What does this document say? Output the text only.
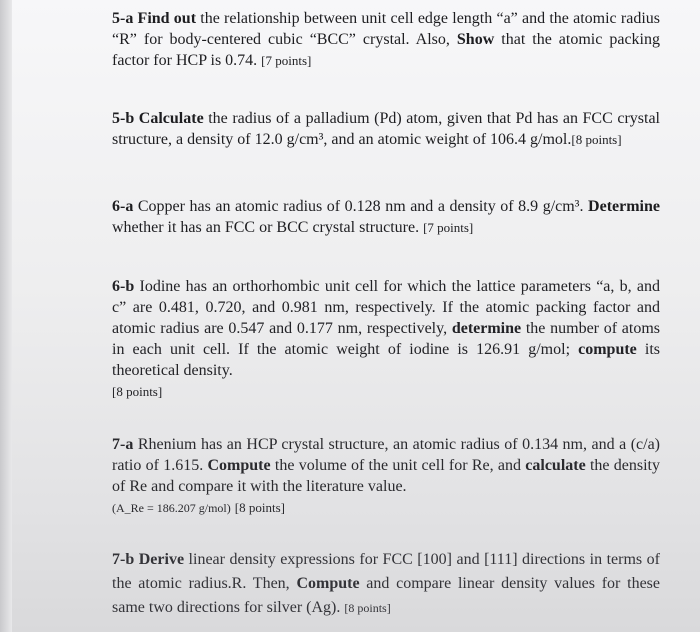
5-a Find out the relationship between unit cell edge length “a” and the atomic radius “R” for body-centered cubic “BCC” crystal. Also, Show that the atomic packing factor for HCP is 0.74. [7 points]

5-b Calculate the radius of a palladium (Pd) atom, given that Pd has an FCC crystal structure, a density of 12.0 g/cm³, and an atomic weight of 106.4 g/mol.[8 points]

6-a Copper has an atomic radius of 0.128 nm and a density of 8.9 g/cm³. Determine whether it has an FCC or BCC crystal structure. [7 points]

6-b Iodine has an orthorhombic unit cell for which the lattice parameters “a, b, and c” are 0.481, 0.720, and 0.981 nm, respectively. If the atomic packing factor and atomic radius are 0.547 and 0.177 nm, respectively, determine the number of atoms in each unit cell. If the atomic weight of iodine is 126.91 g/mol; compute its theoretical density.
[8 points]

7-a Rhenium has an HCP crystal structure, an atomic radius of 0.134 nm, and a (c/a) ratio of 1.615. Compute the volume of the unit cell for Re, and calculate the density of Re and compare it with the literature value.
(A_Re = 186.207 g/mol) [8 points]

7-b Derive linear density expressions for FCC [100] and [111] directions in terms of the atomic radius.R. Then, Compute and compare linear density values for these same two directions for silver (Ag). [8 points]
